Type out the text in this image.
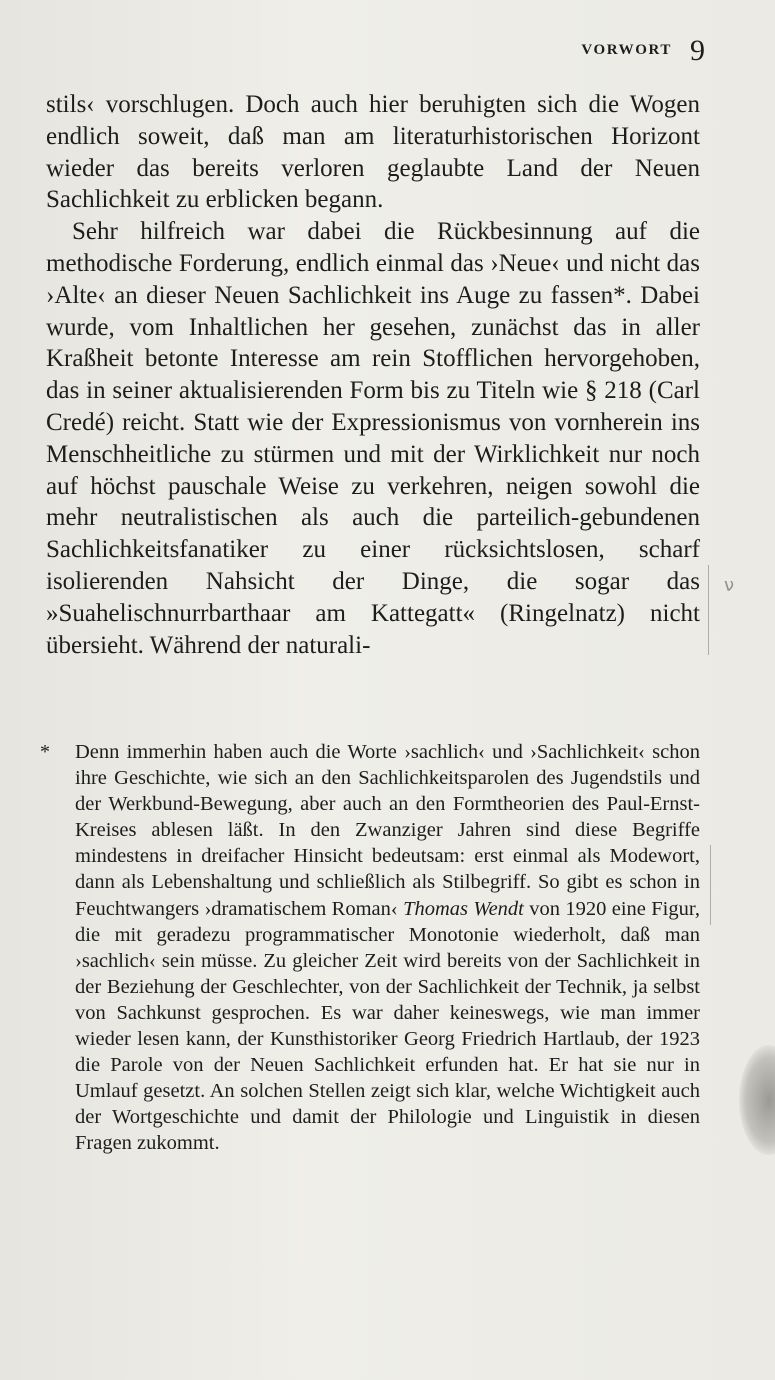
VORWORT 9

stils‹ vorschlugen. Doch auch hier beruhigten sich die Wogen endlich soweit, daß man am literaturhistorischen Horizont wieder das bereits verloren geglaubte Land der Neuen Sachlichkeit zu erblicken begann.

Sehr hilfreich war dabei die Rückbesinnung auf die methodische Forderung, endlich einmal das ›Neue‹ und nicht das ›Alte‹ an dieser Neuen Sachlichkeit ins Auge zu fassen*. Dabei wurde, vom Inhaltlichen her gesehen, zunächst das in aller Kraßheit betonte Interesse am rein Stofflichen hervorgehoben, das in seiner aktualisierenden Form bis zu Titeln wie § 218 (Carl Credé) reicht. Statt wie der Expressionismus von vornherein ins Menschheitliche zu stürmen und mit der Wirklichkeit nur noch auf höchst pauschale Weise zu verkehren, neigen sowohl die mehr neutralistischen als auch die parteilich-gebundenen Sachlichkeitsfanatiker zu einer rücksichtslosen, scharf isolierenden Nahsicht der Dinge, die sogar das »Suahelischnurrbarthaar am Kattegatt« (Ringelnatz) nicht übersieht. Während der naturali-

ν
*	Denn immerhin haben auch die Worte ›sachlich‹ und ›Sachlichkeit‹ schon ihre Geschichte, wie sich an den Sachlichkeitsparolen des Jugendstils und der Werkbund-Bewegung, aber auch an den Formtheorien des Paul-Ernst-Kreises ablesen läßt. In den Zwanziger Jahren sind diese Begriffe mindestens in dreifacher Hinsicht bedeutsam: erst einmal als Modewort, dann als Lebenshaltung und schließlich als Stilbegriff. So gibt es schon in Feuchtwangers ›dramatischem Roman‹ Thomas Wendt von 1920 eine Figur, die mit geradezu programmatischer Monotonie wiederholt, daß man ›sachlich‹ sein müsse. Zu gleicher Zeit wird bereits von der Sachlichkeit in der Beziehung der Geschlechter, von der Sachlichkeit der Technik, ja selbst von Sachkunst gesprochen. Es war daher keineswegs, wie man immer wieder lesen kann, der Kunsthistoriker Georg Friedrich Hartlaub, der 1923 die Parole von der Neuen Sachlichkeit erfunden hat. Er hat sie nur in Umlauf gesetzt. An solchen Stellen zeigt sich klar, welche Wichtigkeit auch der Wortgeschichte und damit der Philologie und Linguistik in diesen Fragen zukommt.
